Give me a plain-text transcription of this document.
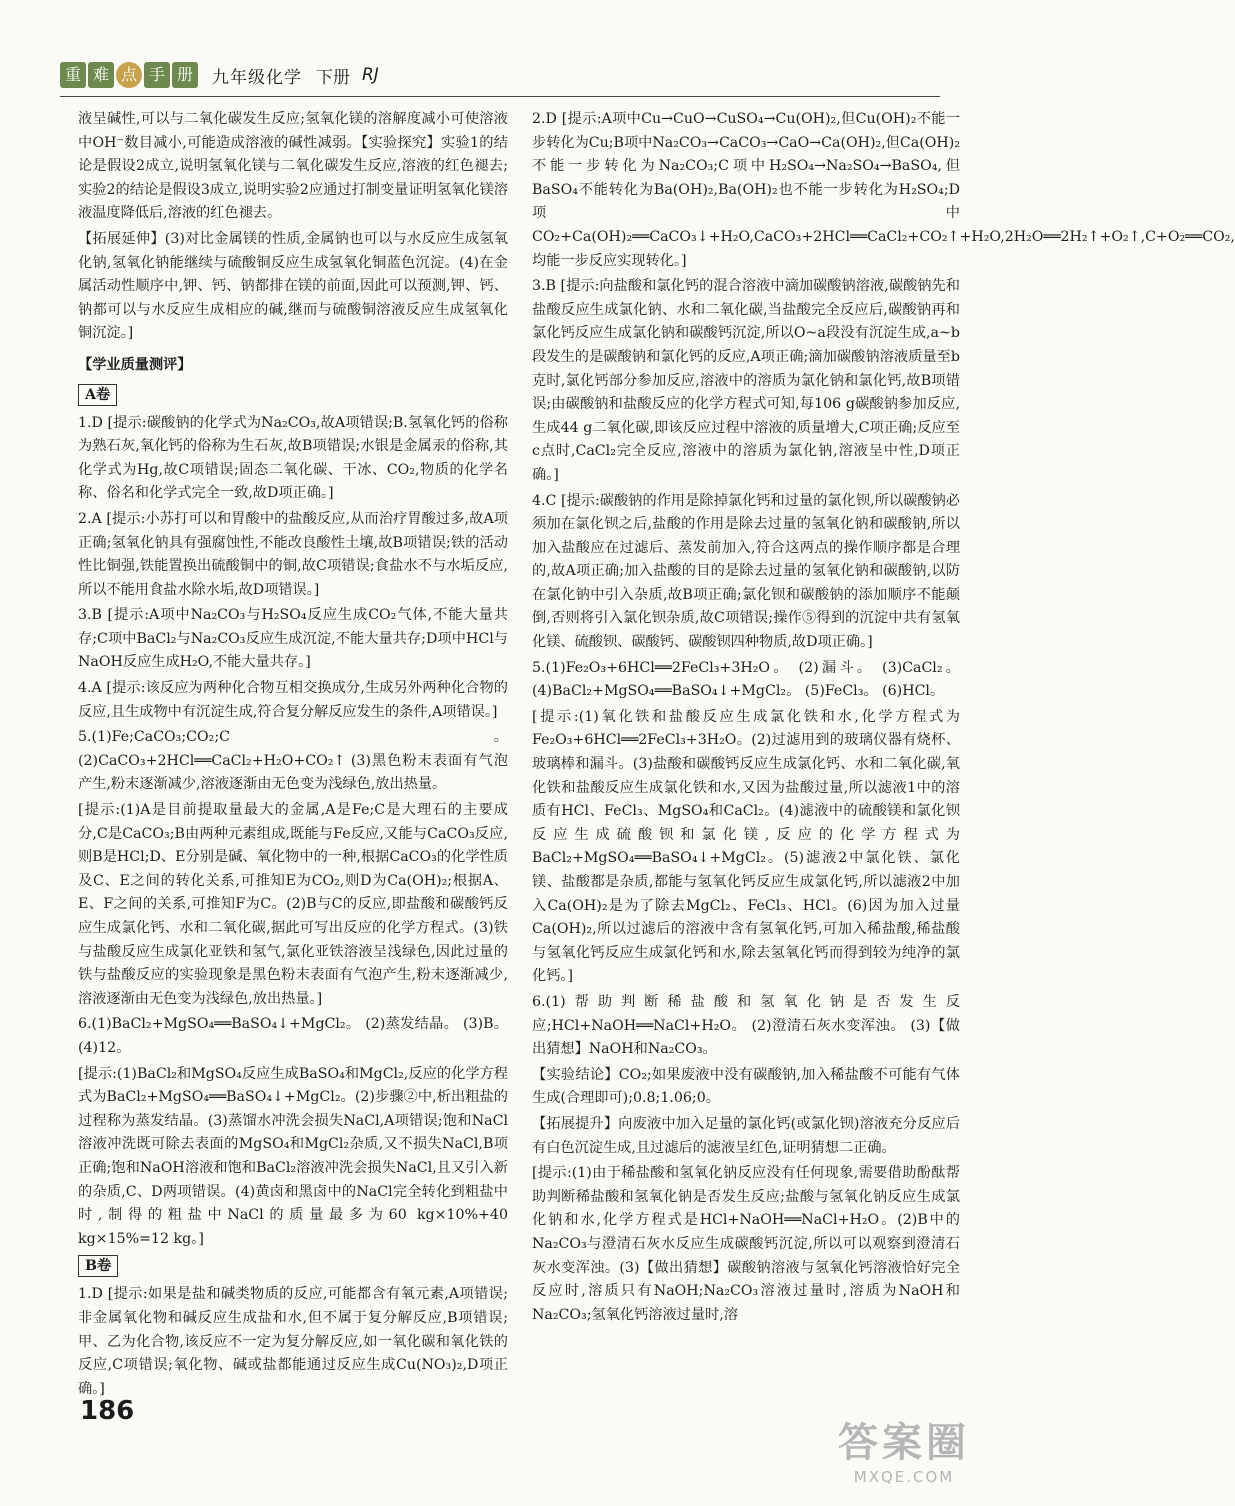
重 难 点 手 册 九年级化学 下册 RJ

液呈碱性,可以与二氧化碳发生反应;氢氧化镁的溶解度减小可使溶液中OH⁻数目减小,可能造成溶液的碱性减弱。【实验探究】实验1的结论是假设2成立,说明氢氧化镁与二氧化碳发生反应,溶液的红色褪去;实验2的结论是假设3成立,说明实验2应通过打制变量证明氢氧化镁溶液温度降低后,溶液的红色褪去。

【拓展延伸】(3)对比金属镁的性质,金属钠也可以与水反应生成氢氧化钠,氢氧化钠能继续与硫酸铜反应生成氢氧化铜蓝色沉淀。(4)在金属活动性顺序中,钾、钙、钠都排在镁的前面,因此可以预测,钾、钙、钠都可以与水反应生成相应的碱,继而与硫酸铜溶液反应生成氢氧化铜沉淀。]

【学业质量测评】
A卷

1.D [提示:碳酸钠的化学式为Na₂CO₃,故A项错误;B.氢氧化钙的俗称为熟石灰,氧化钙的俗称为生石灰,故B项错误;水银是金属汞的俗称,其化学式为Hg,故C项错误;固态二氧化碳、干冰、CO₂,物质的化学名称、俗名和化学式完全一致,故D项正确。]

2.A [提示:小苏打可以和胃酸中的盐酸反应,从而治疗胃酸过多,故A项正确;氢氧化钠具有强腐蚀性,不能改良酸性土壤,故B项错误;铁的活动性比铜强,铁能置换出硫酸铜中的铜,故C项错误;食盐水不与水垢反应,所以不能用食盐水除水垢,故D项错误。]

3.B [提示:A项中Na₂CO₃与H₂SO₄反应生成CO₂气体,不能大量共存;C项中BaCl₂与Na₂CO₃反应生成沉淀,不能大量共存;D项中HCl与NaOH反应生成H₂O,不能大量共存。]

4.A [提示:该反应为两种化合物互相交换成分,生成另外两种化合物的反应,且生成物中有沉淀生成,符合复分解反应发生的条件,A项错误。]

5.(1)Fe;CaCO₃;CO₂;C。 (2)CaCO₃+2HCl══CaCl₂+H₂O+CO₂↑ (3)黑色粉末表面有气泡产生,粉末逐渐减少,溶液逐渐由无色变为浅绿色,放出热量。

[提示:(1)A是目前提取量最大的金属,A是Fe;C是大理石的主要成分,C是CaCO₃;B由两种元素组成,既能与Fe反应,又能与CaCO₃反应,则B是HCl;D、E分别是碱、氧化物中的一种,根据CaCO₃的化学性质及C、E之间的转化关系,可推知E为CO₂,则D为Ca(OH)₂;根据A、E、F之间的关系,可推知F为C。(2)B与C的反应,即盐酸和碳酸钙反应生成氯化钙、水和二氧化碳,据此可写出反应的化学方程式。(3)铁与盐酸反应生成氯化亚铁和氢气,氯化亚铁溶液呈浅绿色,因此过量的铁与盐酸反应的实验现象是黑色粉末表面有气泡产生,粉末逐渐减少,溶液逐渐由无色变为浅绿色,放出热量。]

6.(1)BaCl₂+MgSO₄══BaSO₄↓+MgCl₂。 (2)蒸发结晶。 (3)B。 (4)12。

[提示:(1)BaCl₂和MgSO₄反应生成BaSO₄和MgCl₂,反应的化学方程式为BaCl₂+MgSO₄══BaSO₄↓+MgCl₂。(2)步骤②中,析出粗盐的过程称为蒸发结晶。(3)蒸馏水冲洗会损失NaCl,A项错误;饱和NaCl溶液冲洗既可除去表面的MgSO₄和MgCl₂杂质,又不损失NaCl,B项正确;饱和NaOH溶液和饱和BaCl₂溶液冲洗会损失NaCl,且又引入新的杂质,C、D两项错误。(4)黄卤和黑卤中的NaCl完全转化到粗盐中时,制得的粗盐中NaCl的质量最多为60 kg×10%+40 kg×15%=12 kg。]

B卷

1.D [提示:如果是盐和碱类物质的反应,可能都含有氧元素,A项错误;非金属氧化物和碱反应生成盐和水,但不属于复分解反应,B项错误;甲、乙为化合物,该反应不一定为复分解反应,如一氧化碳和氧化铁的反应,C项错误;氧化物、碱或盐都能通过反应生成Cu(NO₃)₂,D项正确。]

2.D [提示:A项中Cu→CuO→CuSO₄→Cu(OH)₂,但Cu(OH)₂不能一步转化为Cu;B项中Na₂CO₃→CaCO₃→CaO→Ca(OH)₂,但Ca(OH)₂不能一步转化为Na₂CO₃;C项中H₂SO₄→Na₂SO₄→BaSO₄,但BaSO₄不能转化为Ba(OH)₂,Ba(OH)₂也不能一步转化为H₂SO₄;D项中CO₂+Ca(OH)₂══CaCO₃↓+H₂O,CaCO₃+2HCl══CaCl₂+CO₂↑+H₂O,2H₂O══2H₂↑+O₂↑,C+O₂══CO₂,均能一步反应实现转化。]

3.B [提示:向盐酸和氯化钙的混合溶液中滴加碳酸钠溶液,碳酸钠先和盐酸反应生成氯化钠、水和二氧化碳,当盐酸完全反应后,碳酸钠再和氯化钙反应生成氯化钠和碳酸钙沉淀,所以O~a段没有沉淀生成,a~b段发生的是碳酸钠和氯化钙的反应,A项正确;滴加碳酸钠溶液质量至b克时,氯化钙部分参加反应,溶液中的溶质为氯化钠和氯化钙,故B项错误;由碳酸钠和盐酸反应的化学方程式可知,每106 g碳酸钠参加反应,生成44 g二氧化碳,即该反应过程中溶液的质量增大,C项正确;反应至c点时,CaCl₂完全反应,溶液中的溶质为氯化钠,溶液呈中性,D项正确。]

4.C [提示:碳酸钠的作用是除掉氯化钙和过量的氯化钡,所以碳酸钠必须加在氯化钡之后,盐酸的作用是除去过量的氢氧化钠和碳酸钠,所以加入盐酸应在过滤后、蒸发前加入,符合这两点的操作顺序都是合理的,故A项正确;加入盐酸的目的是除去过量的氢氧化钠和碳酸钠,以防在氯化钠中引入杂质,故B项正确;氯化钡和碳酸钠的添加顺序不能颠倒,否则将引入氯化钡杂质,故C项错误;操作⑤得到的沉淀中共有氢氧化镁、硫酸钡、碳酸钙、碳酸钡四种物质,故D项正确。]

5.(1)Fe₂O₃+6HCl══2FeCl₃+3H₂O。 (2)漏斗。 (3)CaCl₂。 (4)BaCl₂+MgSO₄══BaSO₄↓+MgCl₂。 (5)FeCl₃。 (6)HCl。

[提示:(1)氧化铁和盐酸反应生成氯化铁和水,化学方程式为Fe₂O₃+6HCl══2FeCl₃+3H₂O。(2)过滤用到的玻璃仪器有烧杯、玻璃棒和漏斗。(3)盐酸和碳酸钙反应生成氯化钙、水和二氧化碳,氧化铁和盐酸反应生成氯化铁和水,又因为盐酸过量,所以滤液1中的溶质有HCl、FeCl₃、MgSO₄和CaCl₂。(4)滤液中的硫酸镁和氯化钡反应生成硫酸钡和氯化镁,反应的化学方程式为BaCl₂+MgSO₄══BaSO₄↓+MgCl₂。(5)滤液2中氯化铁、氯化镁、盐酸都是杂质,都能与氢氧化钙反应生成氯化钙,所以滤液2中加入Ca(OH)₂是为了除去MgCl₂、FeCl₃、HCl。(6)因为加入过量Ca(OH)₂,所以过滤后的溶液中含有氢氧化钙,可加入稀盐酸,稀盐酸与氢氧化钙反应生成氯化钙和水,除去氢氧化钙而得到较为纯净的氯化钙。]

6.(1)帮助判断稀盐酸和氢氧化钠是否发生反应;HCl+NaOH══NaCl+H₂O。 (2)澄清石灰水变浑浊。 (3)【做出猜想】NaOH和Na₂CO₃。

【实验结论】CO₂;如果废液中没有碳酸钠,加入稀盐酸不可能有气体生成(合理即可);0.8;1.06;0。

【拓展提升】向废液中加入足量的氯化钙(或氯化钡)溶液充分反应后有白色沉淀生成,且过滤后的滤液呈红色,证明猜想二正确。

[提示:(1)由于稀盐酸和氢氧化钠反应没有任何现象,需要借助酚酞帮助判断稀盐酸和氢氧化钠是否发生反应;盐酸与氢氧化钠反应生成氯化钠和水,化学方程式是HCl+NaOH══NaCl+H₂O。(2)B中的Na₂CO₃与澄清石灰水反应生成碳酸钙沉淀,所以可以观察到澄清石灰水变浑浊。(3)【做出猜想】碳酸钠溶液与氢氧化钙溶液恰好完全反应时,溶质只有NaOH;Na₂CO₃溶液过量时,溶质为NaOH和Na₂CO₃;氢氧化钙溶液过量时,溶

186
答案圈
MXQE.COM
